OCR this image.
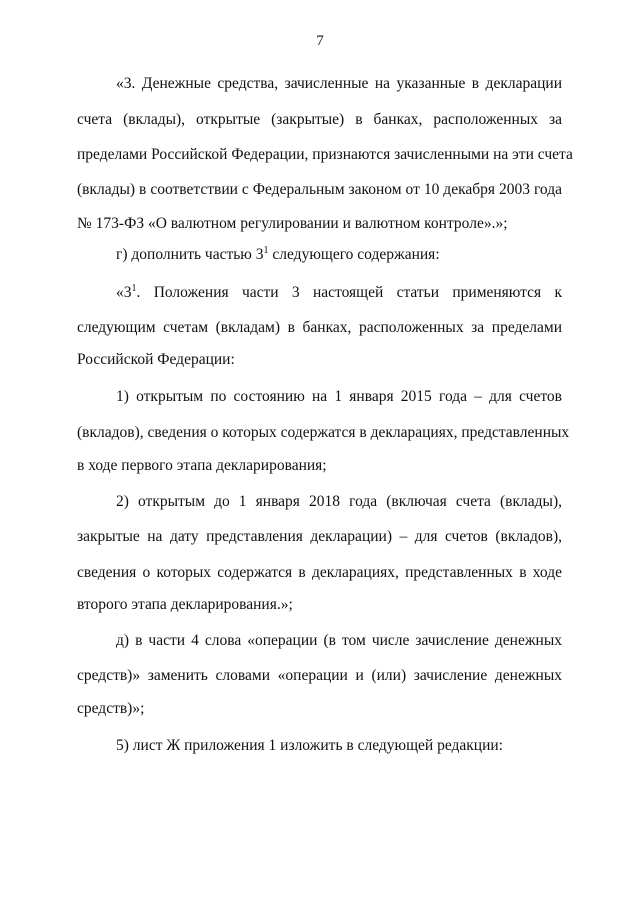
7
«3. Денежные средства, зачисленные на указанные в декларации
счета (вклады), открытые (закрытые) в банках, расположенных за
пределами Российской Федерации, признаются зачисленными на эти счета
(вклады) в соответствии с Федеральным законом от 10 декабря 2003 года
№ 173-ФЗ «О валютном регулировании и валютном контроле».»;
г) дополнить частью $3^1$ следующего содержания:
«$3^1$. Положения части 3 настоящей статьи применяются к
следующим счетам (вкладам) в банках, расположенных за пределами
Российской Федерации:
1) открытым по состоянию на 1 января 2015 года – для счетов
(вкладов), сведения о которых содержатся в декларациях, представленных
в ходе первого этапа декларирования;
2) открытым до 1 января 2018 года (включая счета (вклады),
закрытые на дату представления декларации) – для счетов (вкладов),
сведения о которых содержатся в декларациях, представленных в ходе
второго этапа декларирования.»;
д) в части 4 слова «операции (в том числе зачисление денежных
средств)» заменить словами «операции и (или) зачисление денежных
средств)»;
5) лист Ж приложения 1 изложить в следующей редакции:
